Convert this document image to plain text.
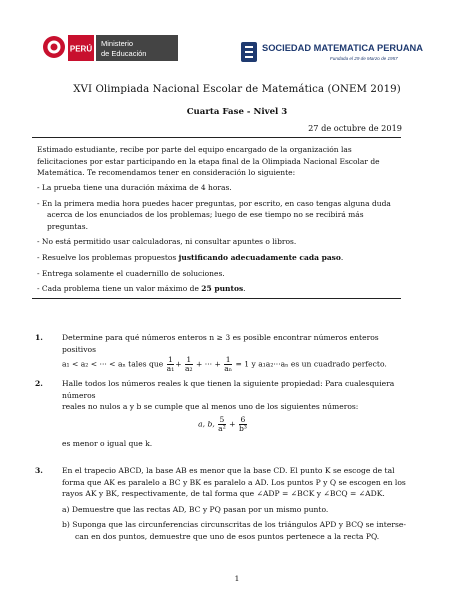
PERÚ
Ministerio
de Educación
SOCIEDAD MATEMATICA PERUANA
Fundada el 29 de Marzo de 1957
XVI Olimpiada Nacional Escolar de Matemática (ONEM 2019)
Cuarta Fase - Nivel 3
27 de octubre de 2019
Estimado estudiante, recibe por parte del equipo encargado de la organización las felicitaciones por estar participando en la etapa final de la Olimpiada Nacional Escolar de Matemática. Te recomendamos tener en consideración lo siguiente:
- La prueba tiene una duración máxima de 4 horas.
- En la primera media hora puedes hacer preguntas, por escrito, en caso tengas alguna duda
acerca de los enunciados de los problemas; luego de ese tiempo no se recibirá más preguntas.
- No está permitido usar calculadoras, ni consultar apuntes o libros.
- Resuelve los problemas propuestos justificando adecuadamente cada paso.
- Entrega solamente el cuadernillo de soluciones.
- Cada problema tiene un valor máximo de 25 puntos.
1.	Determine para qué números enteros n ≥ 3 es posible encontrar números enteros positivos
a₁ < a₂ < ··· < aₙ tales que $\frac{1}{\text{a₁}} + \frac{1}{\text{a₂}}$ + ··· + $\frac{1}{\text{aₙ}} = 1$ y a₁a₂···aₙ es un cuadrado perfecto.
2.	Halle todos los números reales k que tienen la siguiente propiedad: Para cualesquiera números
reales no nulos a y b se cumple que al menos uno de los siguientes números:
a, b, $\frac{5}{\text{a²}} + \frac{6}{\text{b³}}$
es menor o igual que k.
3.	En el trapecio ABCD, la base AB es menor que la base CD. El punto K se escoge de tal
forma que AK es paralelo a BC y BK es paralelo a AD. Los puntos P y Q se escogen en los
rayos AK y BK, respectivamente, de tal forma que ∠ADP = ∠BCK y ∠BCQ = ∠ADK.
a) Demuestre que las rectas AD, BC y PQ pasan por un mismo punto.
b) Suponga que las circunferencias circunscritas de los triángulos APD y BCQ se interse-
can en dos puntos, demuestre que uno de esos puntos pertenece a la recta PQ.
1
